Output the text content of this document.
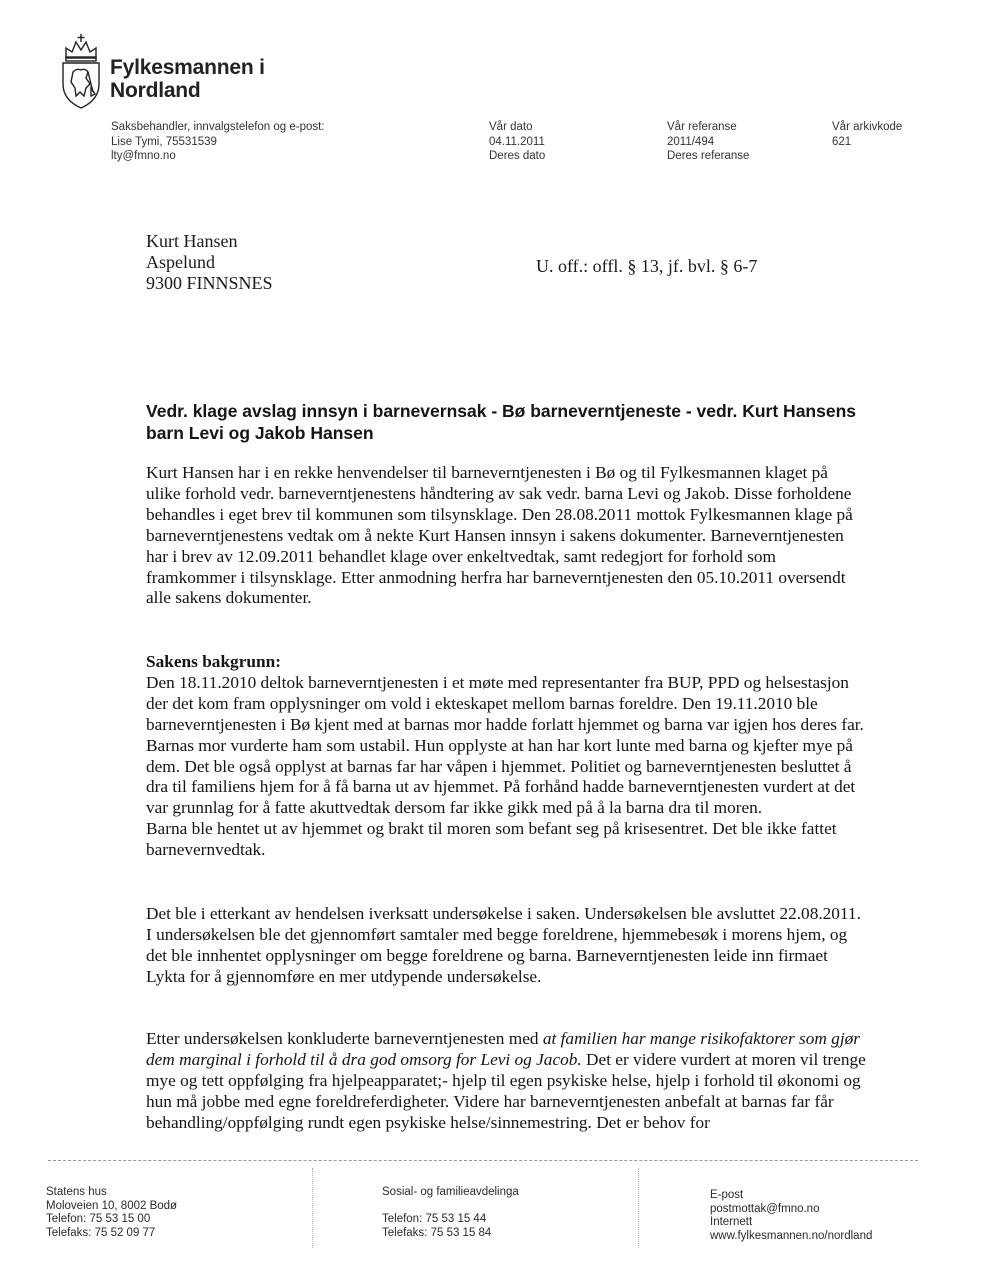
Fylkesmannen i
Nordland
Saksbehandler, innvalgstelefon og e-post:
Lise Tymi, 75531539
lty@fmno.no
Vår dato
04.11.2011
Deres dato
Vår referanse
2011/494
Deres referanse
Vår arkivkode
621
Kurt Hansen
Aspelund
9300 FINNSNES
U. off.: offl. § 13, jf. bvl. § 6-7
Vedr. klage avslag innsyn i barnevernsak - Bø barneverntjeneste - vedr. Kurt Hansens barn Levi og Jakob Hansen

Kurt Hansen har i en rekke henvendelser til barneverntjenesten i Bø og til Fylkesmannen klaget på ulike forhold vedr. barneverntjenestens håndtering av sak vedr. barna Levi og Jakob. Disse forholdene behandles i eget brev til kommunen som tilsynsklage. Den 28.08.2011 mottok Fylkesmannen klage på barneverntjenestens vedtak om å nekte Kurt Hansen innsyn i sakens dokumenter. Barneverntjenesten har i brev av 12.09.2011 behandlet klage over enkeltvedtak, samt redegjort for forhold som framkommer i tilsynsklage. Etter anmodning herfra har barneverntjenesten den 05.10.2011 oversendt alle sakens dokumenter.

Sakens bakgrunn:

Den 18.11.2010 deltok barneverntjenesten i et møte med representanter fra BUP, PPD og helsestasjon der det kom fram opplysninger om vold i ekteskapet mellom barnas foreldre. Den 19.11.2010 ble barneverntjenesten i Bø kjent med at barnas mor hadde forlatt hjemmet og barna var igjen hos deres far. Barnas mor vurderte ham som ustabil. Hun opplyste at han har kort lunte med barna og kjefter mye på dem. Det ble også opplyst at barnas far har våpen i hjemmet. Politiet og barneverntjenesten besluttet å dra til familiens hjem for å få barna ut av hjemmet. På forhånd hadde barneverntjenesten vurdert at det var grunnlag for å fatte akuttvedtak dersom far ikke gikk med på å la barna dra til moren.

Barna ble hentet ut av hjemmet og brakt til moren som befant seg på krisesentret. Det ble ikke fattet barnevernvedtak.

Det ble i etterkant av hendelsen iverksatt undersøkelse i saken. Undersøkelsen ble avsluttet 22.08.2011. I undersøkelsen ble det gjennomført samtaler med begge foreldrene, hjemmebesøk i morens hjem, og det ble innhentet opplysninger om begge foreldrene og barna. Barneverntjenesten leide inn firmaet Lykta for å gjennomføre en mer utdypende undersøkelse.

Etter undersøkelsen konkluderte barneverntjenesten med at familien har mange risikofaktorer som gjør dem marginal i forhold til å dra god omsorg for Levi og Jacob. Det er videre vurdert at moren vil trenge mye og tett oppfølging fra hjelpeapparatet;- hjelp til egen psykiske helse, hjelp i forhold til økonomi og hun må jobbe med egne foreldreferdigheter. Videre har barneverntjenesten anbefalt at barnas far får behandling/oppfølging rundt egen psykiske helse/sinnemestring. Det er behov for

Statens hus
Moloveien 10, 8002 Bodø
Telefon: 75 53 15 00
Telefaks: 75 52 09 77
Sosial- og familieavdelinga
Telefon: 75 53 15 44
Telefaks: 75 53 15 84
E-post
postmottak@fmno.no
Internett
www.fylkesmannen.no/nordland
